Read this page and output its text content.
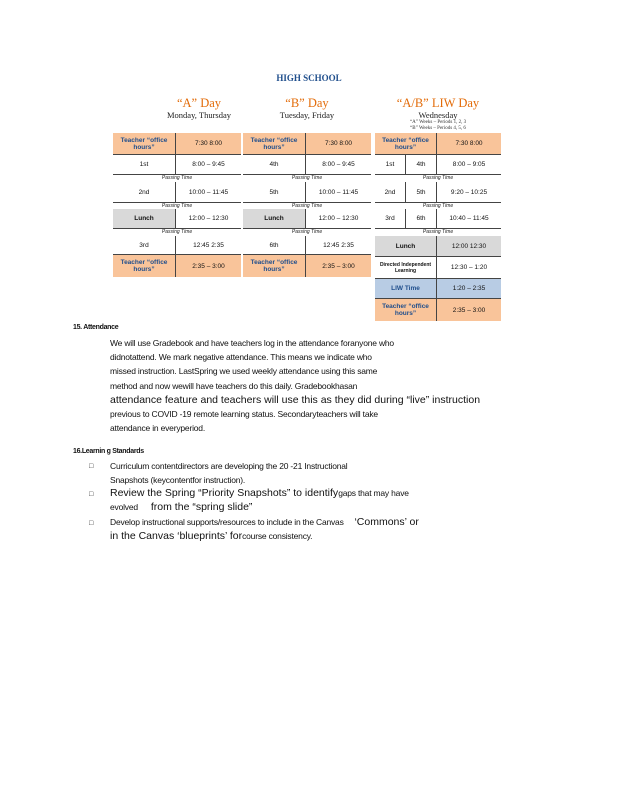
HIGH SCHOOL
“A” Day
Monday, Thursday
“B” Day
Tuesday, Friday
“A/B” LIW Day
Wednesday
“A” Weeks – Periods 1, 2, 3
“B” Weeks – Periods 4, 5, 6
Teacher “office hours”	7:30 8:00
1st	8:00 – 9:45
Passing Time
2nd	10:00 – 11:45
Passing Time
Lunch	12:00 – 12:30
Passing Time
3rd	12:45 2:35
Teacher “office hours”	2:35 – 3:00
Teacher “office hours”	7:30 8:00
4th	8:00 – 9:45
Passing Time
5th	10:00 – 11:45
Passing Time
Lunch	12:00 – 12:30
Passing Time
6th	12:45 2:35
Teacher “office hours”	2:35 – 3:00
Teacher “office hours”	7:30 8:00
1st	4th	8:00 – 9:05
Passing Time
2nd	5th	9:20 – 10:25
Passing Time
3rd	6th	10:40 – 11:45
Passing Time
Lunch	12:00 12:30
Directed Independent Learning	12:30 – 1:20
LIW Time	1:20 – 2:35
Teacher “office hours”	2:35 – 3:00
15. Attendance
We will use Gradebook and have teachers log in the attendance foranyone who
didnotattend. We mark negative attendance. This means we indicate who
missed instruction. LastSpring we used weekly attendance using this same
method and now wewill have teachers do this daily. Gradebookhasan
attendance feature and teachers will use this as they did during “live” instruction
previous to COVID -19 remote learning status. Secondaryteachers will take
attendance in everyperiod.
16.Learnin g Standards
□ Curriculum contentdirectors are developing the 20 -21 Instructional
Snapshots (keycontentfor instruction).
□ Review the Spring “Priority Snapshots” to identifygaps that may have
evolved from the “spring slide”
□ Develop instructional supports/resources to include in the Canvas ‘Commons’ or
in the Canvas ‘blueprints’ forcourse consistency.
